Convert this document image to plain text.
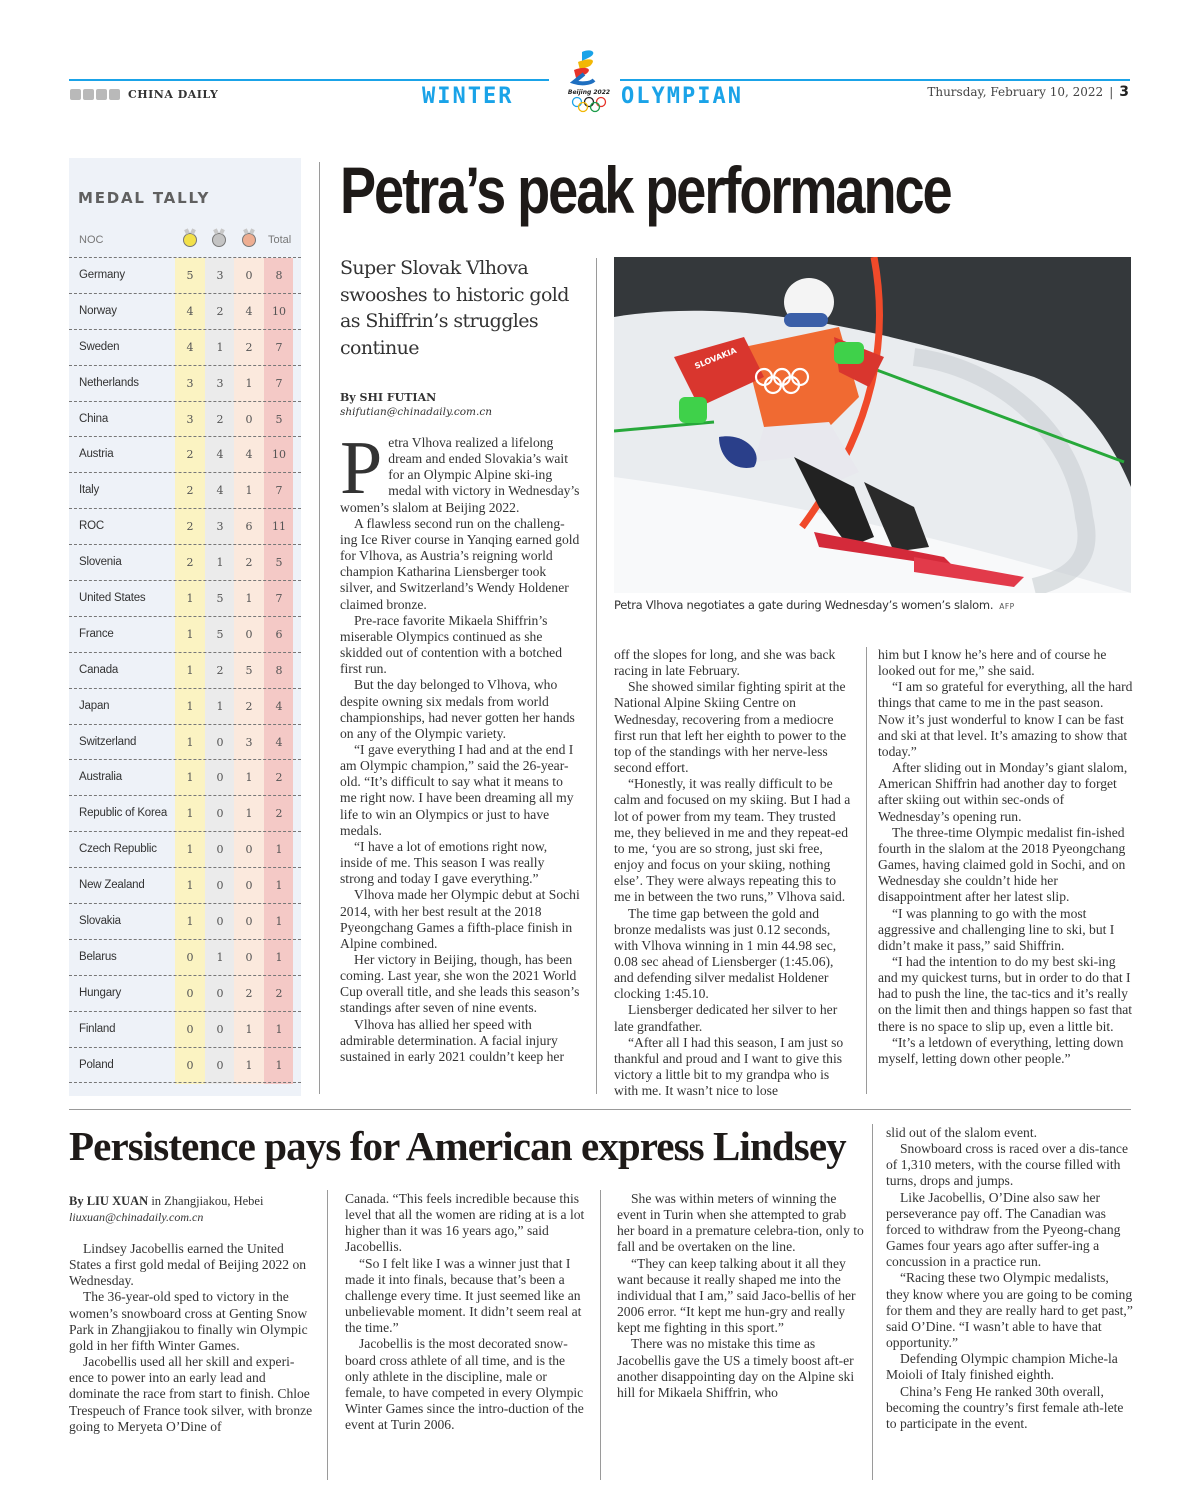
CHINA DAILY	WINTER	Beijing 2022 OLYMPIAN	Thursday, February 10, 2022 | 3
MEDAL TALLY
NOC	Total
Germany	5	3	0	8
Norway	4	2	4	10
Sweden	4	1	2	7
Netherlands	3	3	1	7
China	3	2	0	5
Austria	2	4	4	10
Italy	2	4	1	7
ROC	2	3	6	11
Slovenia	2	1	2	5
United States	1	5	1	7
France	1	5	0	6
Canada	1	2	5	8
Japan	1	1	2	4
Switzerland	1	0	3	4
Australia	1	0	1	2
Republic of Korea	1	0	1	2
Czech Republic	1	0	0	1
New Zealand	1	0	0	1
Slovakia	1	0	0	1
Belarus	0	1	0	1
Hungary	0	0	2	2
Finland	0	0	1	1
Poland	0	0	1	1
Petra’s peak performance
Super Slovak Vlhova swooshes to historic gold as Shiffrin’s struggles continue
By SHI FUTIAN
shifutian@chinadaily.com.cn

Petra Vlhova realized a lifelong dream and ended Slovakia’s wait for an Olympic Alpine ski-ing medal with victory in Wednesday’s women’s slalom at Beijing 2022.

A flawless second run on the challeng-ing Ice River course in Yanqing earned gold for Vlhova, as Austria’s reigning world champion Katharina Liensberger took silver, and Switzerland’s Wendy Holdener claimed bronze.

Pre-race favorite Mikaela Shiffrin’s miserable Olympics continued as she skidded out of contention with a botched first run.

But the day belonged to Vlhova, who despite owning six medals from world championships, had never gotten her hands on any of the Olympic variety.

“I gave everything I had and at the end I am Olympic champion,” said the 26-year-old. “It’s difficult to say what it means to me right now. I have been dreaming all my life to win an Olympics or just to have medals.

“I have a lot of emotions right now, inside of me. This season I was really strong and today I gave everything.”

Vlhova made her Olympic debut at Sochi 2014, with her best result at the 2018 Pyeongchang Games a fifth-place finish in Alpine combined.

Her victory in Beijing, though, has been coming. Last year, she won the 2021 World Cup overall title, and she leads this season’s standings after seven of nine events.

Vlhova has allied her speed with admirable determination. A facial injury sustained in early 2021 couldn’t keep her

SLOVAKIA
Petra Vlhova negotiates a gate during Wednesday’s women’s slalom. AFP

off the slopes for long, and she was back racing in late February.

She showed similar fighting spirit at the National Alpine Skiing Centre on Wednesday, recovering from a mediocre first run that left her eighth to power to the top of the standings with her nerve-less second effort.

“Honestly, it was really difficult to be calm and focused on my skiing. But I had a lot of power from my team. They trusted me, they believed in me and they repeat-ed to me, ‘you are so strong, just ski free, enjoy and focus on your skiing, nothing else’. They were always repeating this to me in between the two runs,” Vlhova said.

The time gap between the gold and bronze medalists was just 0.12 seconds, with Vlhova winning in 1 min 44.98 sec, 0.08 sec ahead of Liensberger (1:45.06), and defending silver medalist Holdener clocking 1:45.10.

Liensberger dedicated her silver to her late grandfather.

“After all I had this season, I am just so thankful and proud and I want to give this victory a little bit to my grandpa who is with me. It wasn’t nice to lose

him but I know he’s here and of course he looked out for me,” she said.

“I am so grateful for everything, all the hard things that came to me in the past season. Now it’s just wonderful to know I can be fast and ski at that level. It’s amazing to show that today.”

After sliding out in Monday’s giant slalom, American Shiffrin had another day to forget after skiing out within sec-onds of Wednesday’s opening run.

The three-time Olympic medalist fin-ished fourth in the slalom at the 2018 Pyeongchang Games, having claimed gold in Sochi, and on Wednesday she couldn’t hide her disappointment after her latest slip.

“I was planning to go with the most aggressive and challenging line to ski, but I didn’t make it pass,” said Shiffrin.

“I had the intention to do my best ski-ing and my quickest turns, but in order to do that I had to push the line, the tac-tics and it’s really on the limit then and things happen so fast that there is no space to slip up, even a little bit.

“It’s a letdown of everything, letting down myself, letting down other people.”

Persistence pays for American express Lindsey
By LIU XUAN in Zhangjiakou, Hebei
liuxuan@chinadaily.com.cn

Lindsey Jacobellis earned the United States a first gold medal of Beijing 2022 on Wednesday.

The 36-year-old sped to victory in the women’s snowboard cross at Genting Snow Park in Zhangjiakou to finally win Olympic gold in her fifth Winter Games.

Jacobellis used all her skill and experi-ence to power into an early lead and dominate the race from start to finish. Chloe Trespeuch of France took silver, with bronze going to Meryeta O’Dine of

Canada. “This feels incredible because this level that all the women are riding at is a lot higher than it was 16 years ago,” said Jacobellis.

“So I felt like I was a winner just that I made it into finals, because that’s been a challenge every time. It just seemed like an unbelievable moment. It didn’t seem real at the time.”

Jacobellis is the most decorated snow-board cross athlete of all time, and is the only athlete in the discipline, male or female, to have competed in every Olympic Winter Games since the intro-duction of the event at Turin 2006.

She was within meters of winning the event in Turin when she attempted to grab her board in a premature celebra-tion, only to fall and be overtaken on the line.

“They can keep talking about it all they want because it really shaped me into the individual that I am,” said Jaco-bellis of her 2006 error. “It kept me hun-gry and really kept me fighting in this sport.”

There was no mistake this time as Jacobellis gave the US a timely boost aft-er another disappointing day on the Alpine ski hill for Mikaela Shiffrin, who

slid out of the slalom event.

Snowboard cross is raced over a dis-tance of 1,310 meters, with the course filled with turns, drops and jumps.

Like Jacobellis, O’Dine also saw her perseverance pay off. The Canadian was forced to withdraw from the Pyeong-chang Games four years ago after suffer-ing a concussion in a practice run.

“Racing these two Olympic medalists, they know where you are going to be coming for them and they are really hard to get past,” said O’Dine. “I wasn’t able to have that opportunity.”

Defending Olympic champion Miche-la Moioli of Italy finished eighth.

China’s Feng He ranked 30th overall, becoming the country’s first female ath-lete to participate in the event.
